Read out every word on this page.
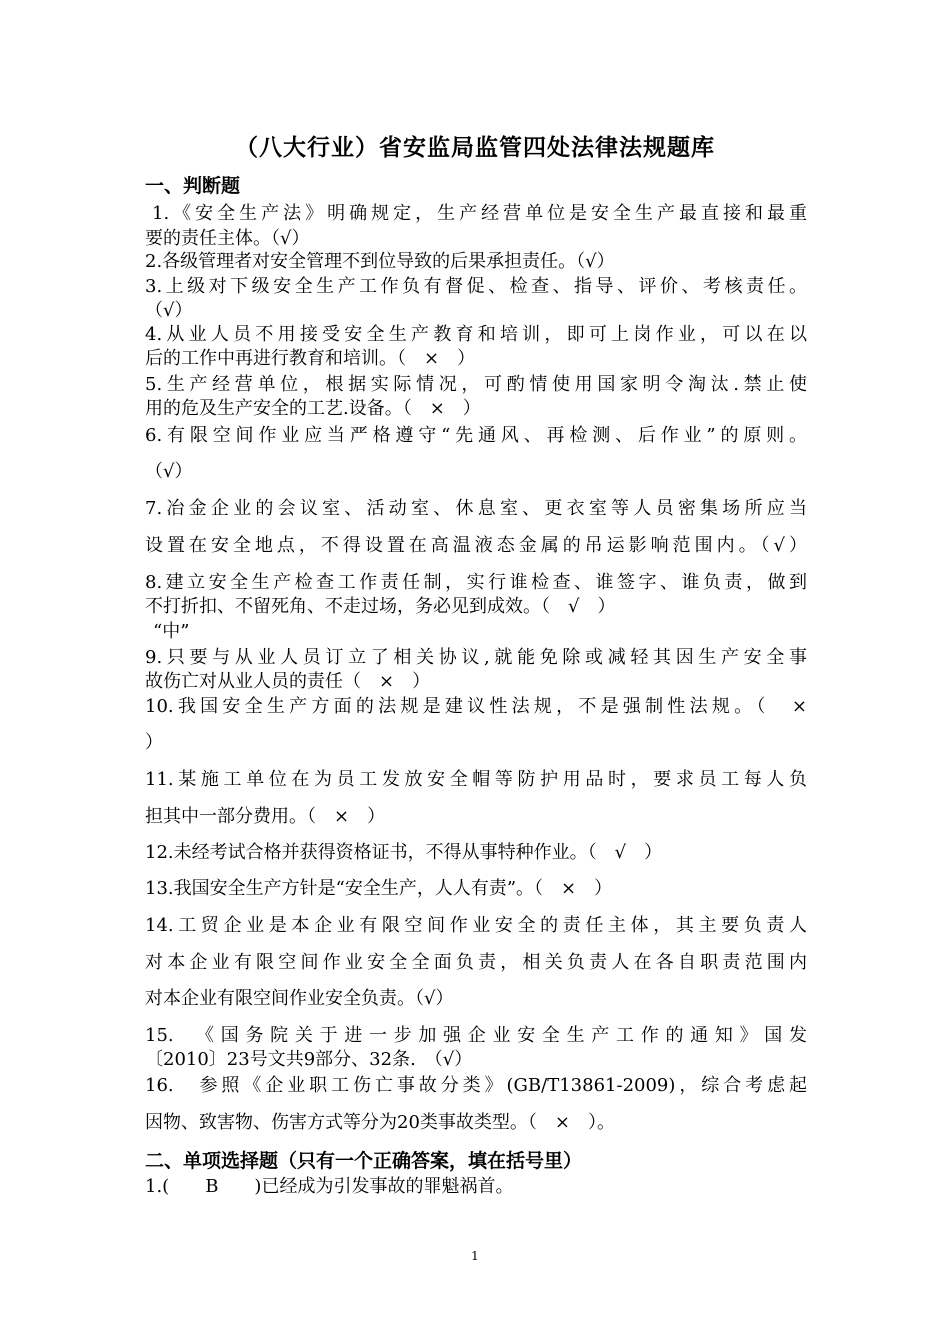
（八大行业）省安监局监管四处法律法规题库
一、判断题
1.《安全生产法》明确规定，生产经营单位是安全生产最直接和最重
要的责任主体。（√）
2.各级管理者对安全管理不到位导致的后果承担责任。（√）
3.上级对下级安全生产工作负有督促、检查、指导、评价、考核责任。
（√）
4.从业人员不用接受安全生产教育和培训，即可上岗作业，可以在以
后的工作中再进行教育和培训。（　×　）
5.生产经营单位，根据实际情况，可酌情使用国家明令淘汰.禁止使
用的危及生产安全的工艺.设备。（　×　）
6.有限空间作业应当严格遵守“先通风、再检测、后作业”的原则。
（√）
7.冶金企业的会议室、活动室、休息室、更衣室等人员密集场所应当
设置在安全地点，不得设置在高温液态金属的吊运影响范围内。（√）
8.建立安全生产检查工作责任制，实行谁检查、谁签字、谁负责，做到
不打折扣、不留死角、不走过场，务必见到成效。（　√　）
“中”
9.只要与从业人员订立了相关协议,就能免除或减轻其因生产安全事
故伤亡对从业人员的责任（　×　）
10.我国安全生产方面的法规是建议性法规，不是强制性法规。（　×
）
11.某施工单位在为员工发放安全帽等防护用品时，要求员工每人负
担其中一部分费用。（　×　）
12.未经考试合格并获得资格证书，不得从事特种作业。（　√　）
13.我国安全生产方针是“安全生产，人人有责”。（　×　）
14.工贸企业是本企业有限空间作业安全的责任主体，其主要负责人
对本企业有限空间作业安全全面负责，相关负责人在各自职责范围内
对本企业有限空间作业安全负责。（√）
15.　《国务院关于进一步加强企业安全生产工作的通知》国发
〔2010〕23号文共9部分、32条.　（√）
16.　参照《企业职工伤亡事故分类》(GB/T13861-2009)，综合考虑起
因物、致害物、伤害方式等分为20类事故类型。（　×　）。
二、单项选择题（只有一个正确答案，填在括号里）
1.(　　B　　)已经成为引发事故的罪魁祸首。
1
